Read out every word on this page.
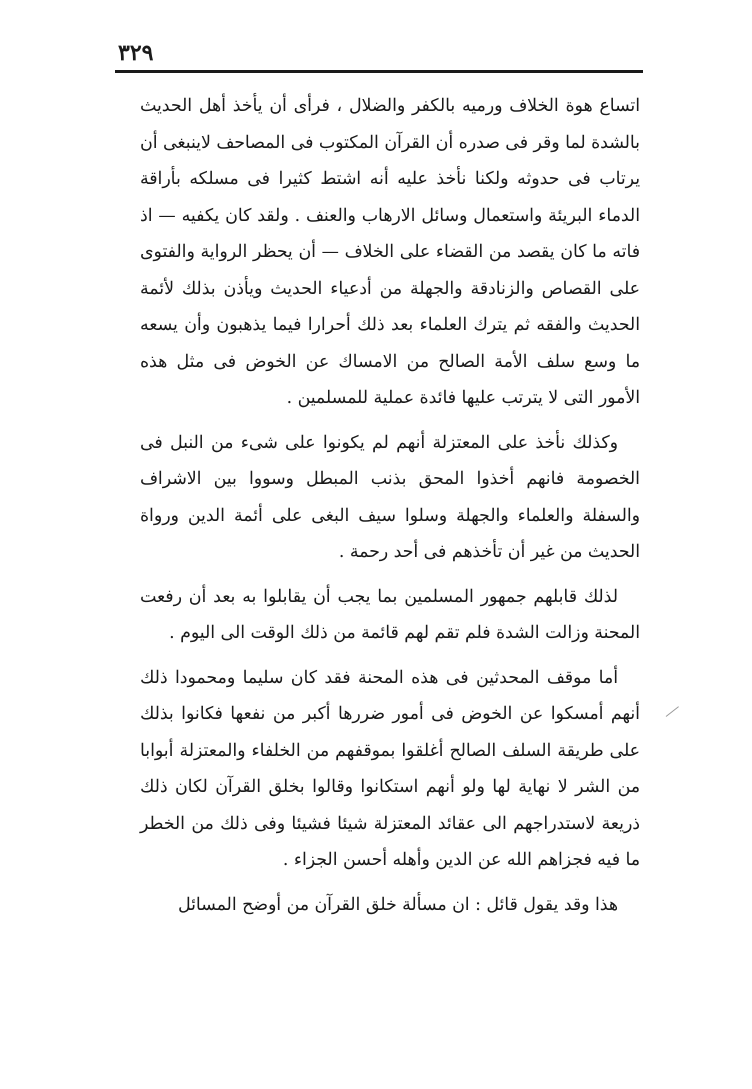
٣٢٩

اتساع هوة الخلاف ورميه بالكفر والضلال ، فرأى أن يأخذ أهل الحديث بالشدة لما وقر فى صدره أن القرآن المكتوب فى المصاحف لاينبغى أن يرتاب فى حدوثه ولكنا نأخذ عليه أنه اشتط كثيرا فى مسلكه بأراقة الدماء البريئة واستعمال وسائل الارهاب والعنف . ولقد كان يكفيه — اذ فاته ما كان يقصد من القضاء على الخلاف — أن يحظر الرواية والفتوى على القصاص والزنادقة والجهلة من أدعياء الحديث ويأذن بذلك لأئمة الحديث والفقه ثم يترك العلماء بعد ذلك أحرارا فيما يذهبون وأن يسعه ما وسع سلف الأمة الصالح من الامساك عن الخوض فى مثل هذه الأمور التى لا يترتب عليها فائدة عملية للمسلمين .

وكذلك نأخذ على المعتزلة أنهم لم يكونوا على شىء من النبل فى الخصومة فانهم أخذوا المحق بذنب المبطل وسووا بين الاشراف والسفلة والعلماء والجهلة وسلوا سيف البغى على أئمة الدين ورواة الحديث من غير أن تأخذهم فى أحد رحمة .

لذلك قابلهم جمهور المسلمين بما يجب أن يقابلوا به بعد أن رفعت المحنة وزالت الشدة فلم تقم لهم قائمة من ذلك الوقت الى اليوم .

أما موقف المحدثين فى هذه المحنة فقد كان سليما ومحمودا ذلك أنهم أمسكوا عن الخوض فى أمور ضررها أكبر من نفعها فكانوا بذلك على طريقة السلف الصالح أغلقوا بموقفهم من الخلفاء والمعتزلة أبوابا من الشر لا نهاية لها ولو أنهم استكانوا وقالوا بخلق القرآن لكان ذلك ذريعة لاستدراجهم الى عقائد المعتزلة شيئا فشيئا وفى ذلك من الخطر ما فيه فجزاهم الله عن الدين وأهله أحسن الجزاء .

هذا وقد يقول قائل : ان مسألة خلق القرآن من أوضح المسائل
